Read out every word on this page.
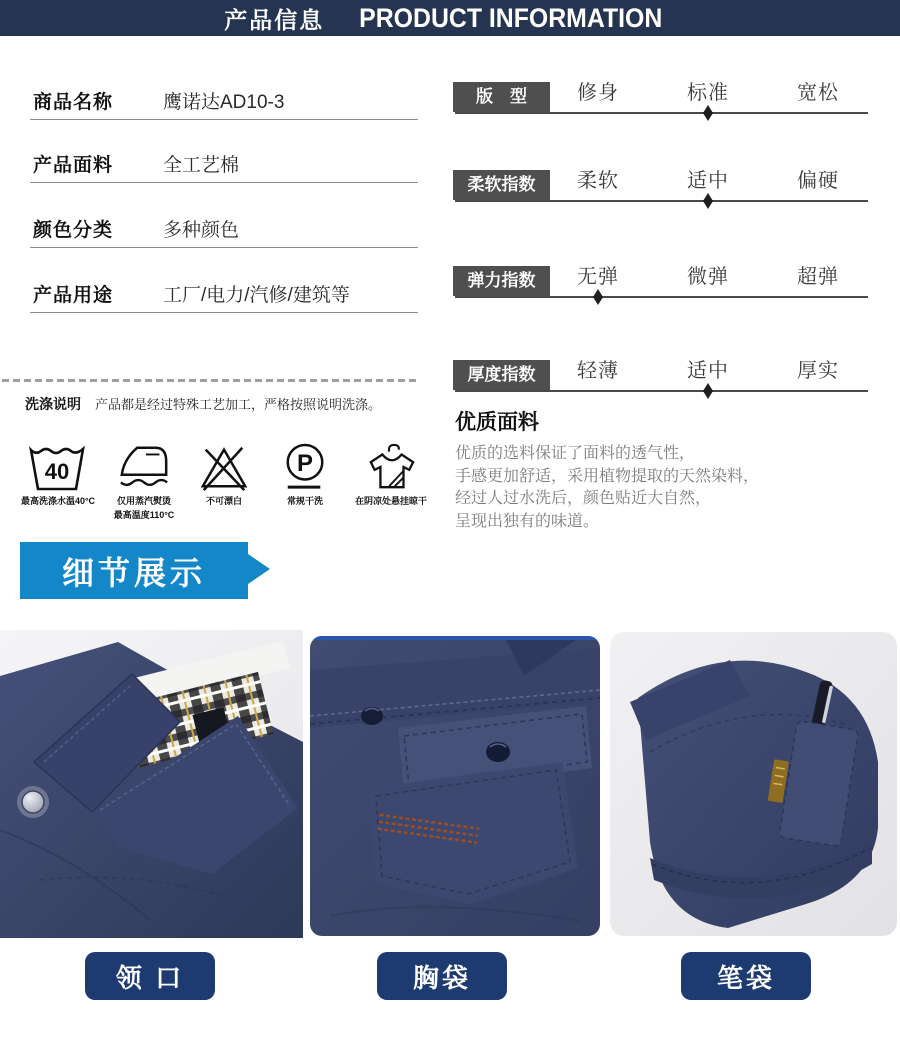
产品信息 PRODUCT INFORMATION
商品名称	鹰诺达AD10-3
产品面料	全工艺棉
颜色分类	多种颜色
产品用途	工厂/电力/汽修/建筑等
版　型	修身	标准	宽松
柔软指数	柔软	适中	偏硬
弹力指数	无弹	微弹	超弹
厚度指数	轻薄	适中	厚实
洗涤说明 产品都是经过特殊工艺加工，严格按照说明洗涤。
40
最高洗涤水温40°C	仅用蒸汽熨烫
最高温度110°C
不可漂白
P
常规干洗	在阴凉处悬挂晾干
优质面料
优质的选料保证了面料的透气性，
手感更加舒适，采用植物提取的天然染料，
经过人过水洗后，颜色贴近大自然，
呈现出独有的味道。
细节展示
领 口	胸袋	笔袋
